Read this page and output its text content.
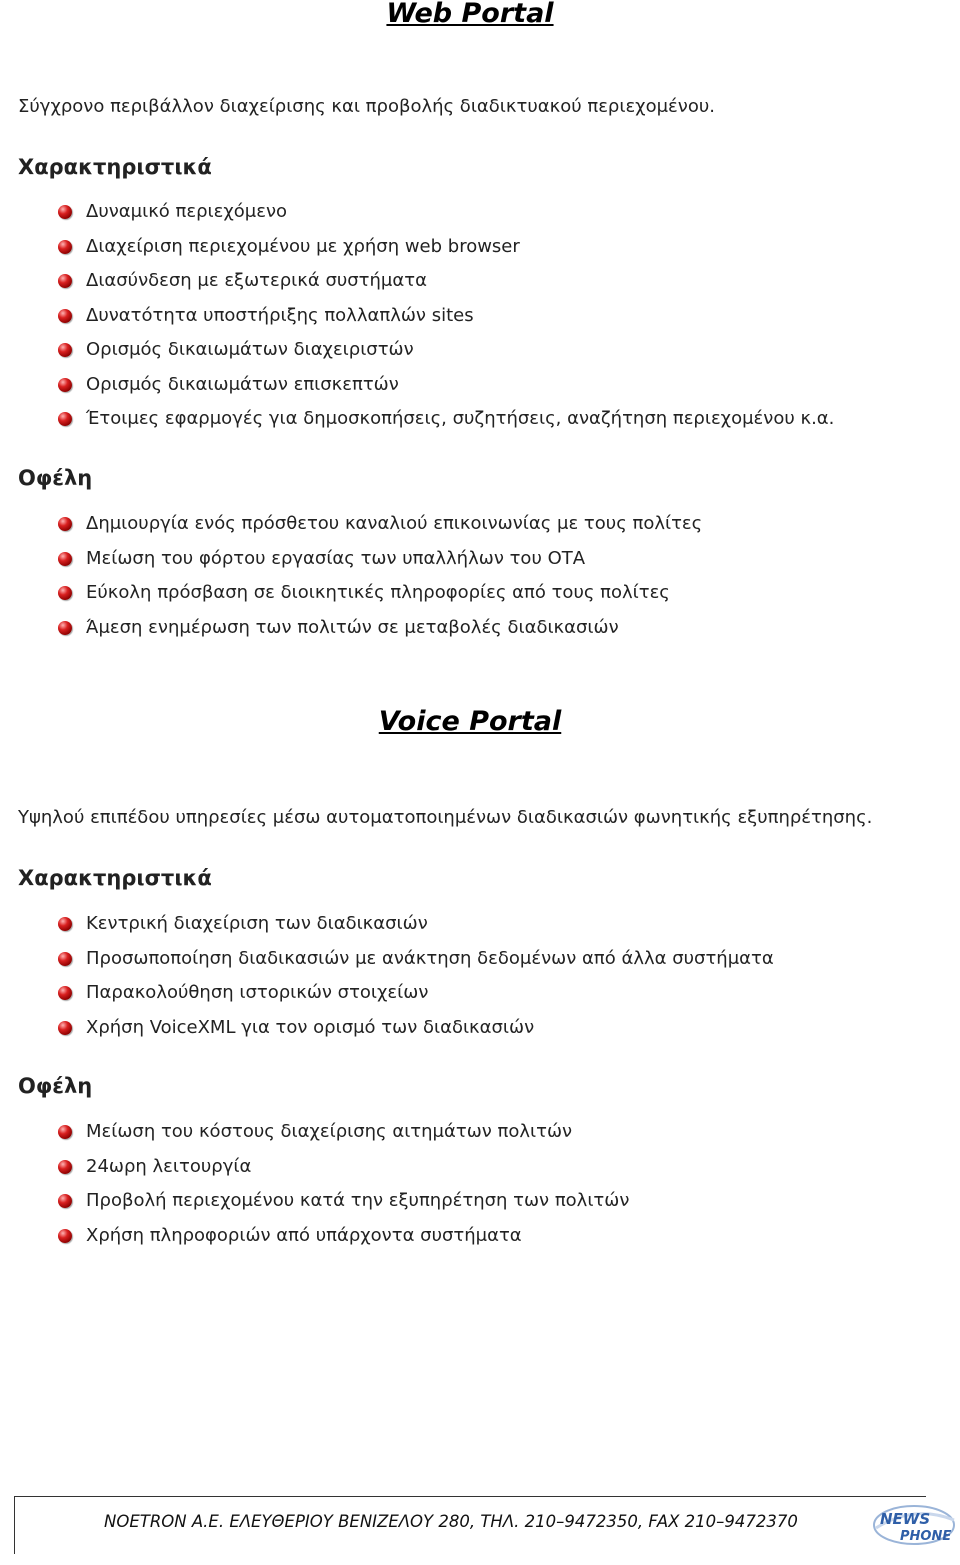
Web Portal
Σύγχρονο περιβάλλον διαχείρισης και προβολής διαδικτυακού περιεχομένου.
Χαρακτηριστικά
Δυναμικό περιεχόμενο
Διαχείριση περιεχομένου με χρήση web browser
Διασύνδεση με εξωτερικά συστήματα
Δυνατότητα υποστήριξης πολλαπλών sites
Ορισμός δικαιωμάτων διαχειριστών
Ορισμός δικαιωμάτων επισκεπτών
Έτοιμες εφαρμογές για δημοσκοπήσεις, συζητήσεις, αναζήτηση περιεχομένου κ.α.
Οφέλη
Δημιουργία ενός πρόσθετου καναλιού επικοινωνίας με τους πολίτες
Μείωση του φόρτου εργασίας των υπαλλήλων του ΟΤΑ
Εύκολη πρόσβαση σε διοικητικές πληροφορίες από τους πολίτες
Άμεση ενημέρωση των πολιτών σε μεταβολές διαδικασιών
Voice Portal
Υψηλού επιπέδου υπηρεσίες μέσω αυτοματοποιημένων διαδικασιών φωνητικής εξυπηρέτησης.
Χαρακτηριστικά
Κεντρική διαχείριση των διαδικασιών
Προσωποποίηση διαδικασιών με ανάκτηση δεδομένων από άλλα συστήματα
Παρακολούθηση ιστορικών στοιχείων
Χρήση VoiceXML για τον ορισμό των διαδικασιών
Οφέλη
Μείωση του κόστους διαχείρισης αιτημάτων πολιτών
24ωρη λειτουργία
Προβολή περιεχομένου κατά την εξυπηρέτηση των πολιτών
Χρήση πληροφοριών από υπάρχοντα συστήματα
NOETRON Α.Ε. ΕΛΕΥΘΕΡΙΟΥ ΒΕΝΙΖΕΛΟΥ 280, ΤΗΛ. 210–9472350, FAX 210–9472370	NEWS
PHONE
